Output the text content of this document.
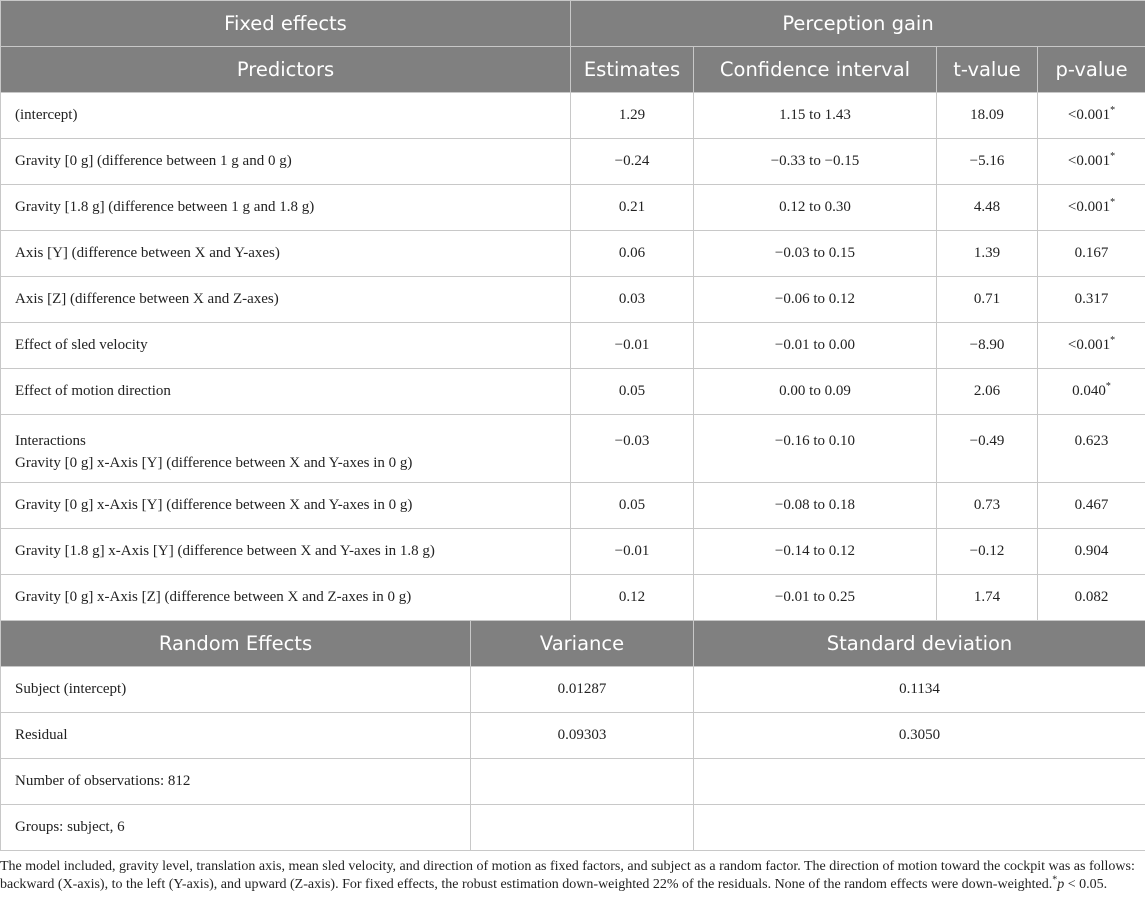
Fixed effects		Perception gain			
Predictors		Estimates	Confidence interval	t-value	p-value
(intercept)		1.29	1.15 to 1.43	18.09	<0.001*
Gravity [0 g] (difference between 1 g and 0 g)		−0.24	−0.33 to −0.15	−5.16	<0.001*
Gravity [1.8 g] (difference between 1 g and 1.8 g)		0.21	0.12 to 0.30	4.48	<0.001*
Axis [Y] (difference between X and Y-axes)		0.06	−0.03 to 0.15	1.39	0.167
Axis [Z] (difference between X and Z-axes)		0.03	−0.06 to 0.12	0.71	0.317
Effect of sled velocity		−0.01	−0.01 to 0.00	−8.90	<0.001*
Effect of motion direction		0.05	0.00 to 0.09	2.06	0.040*

Interactions
Gravity [0 g] x-Axis [Y] (difference between X and Y-axes in 0 g)		−0.03	−0.16 to 0.10	−0.49	0.623
Gravity [0 g] x-Axis [Y] (difference between X and Y-axes in 0 g)		0.05	−0.08 to 0.18	0.73	0.467
Gravity [1.8 g] x-Axis [Y] (difference between X and Y-axes in 1.8 g)		−0.01	−0.14 to 0.12	−0.12	0.904
Gravity [0 g] x-Axis [Z] (difference between X and Z-axes in 0 g)		0.12	−0.01 to 0.25	1.74	0.082
Random Effects	Variance		Standard deviation		
Subject (intercept)	0.01287		0.1134		
Residual	0.09303		0.3050		
Number of observations: 812					
Groups: subject, 6					

The model included, gravity level, translation axis, mean sled velocity, and direction of motion as fixed factors, and subject as a random factor. The direction of motion toward the cockpit was as follows: backward (X-axis), to the left (Y-axis), and upward (Z-axis). For fixed effects, the robust estimation down-weighted 22% of the residuals. None of the random effects were down-weighted.*p < 0.05.
